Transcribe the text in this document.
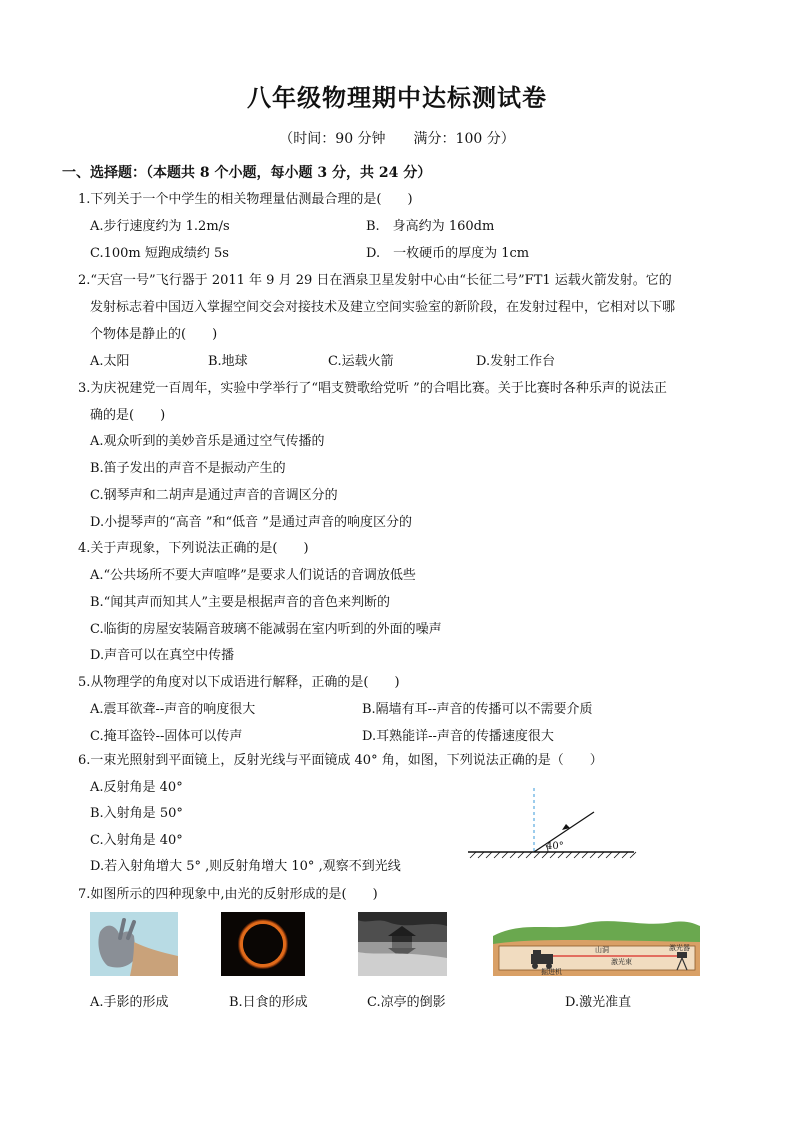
八年级物理期中达标测试卷
（时间：90 分钟 满分：100 分）
一、选择题：（本题共 8 个小题，每小题 3 分，共 24 分）
1.下列关于一个中学生的相关物理量估测最合理的是(　　)
A.步行速度约为 1.2m/s	B.　身高约为 160dm
C.100m 短跑成绩约 5s	D.　一枚硬币的厚度为 1cm
2.“天宫一号”飞行器于 2011 年 9 月 29 日在酒泉卫星发射中心由“长征二号”FT1 运载火箭发射。它的
发射标志着中国迈入掌握空间交会对接技术及建立空间实验室的新阶段，在发射过程中，它相对以下哪
个物体是静止的(　　)
A.太阳	B.地球	C.运载火箭	D.发射工作台
3.为庆祝建党一百周年，实验中学举行了“唱支赞歌给党听 ”的合唱比赛。关于比赛时各种乐声的说法正
确的是(　　)
A.观众听到的美妙音乐是通过空气传播的
B.笛子发出的声音不是振动产生的
C.钢琴声和二胡声是通过声音的音调区分的
D.小提琴声的“高音 ”和“低音 ”是通过声音的响度区分的
4.关于声现象，下列说法正确的是(　　)
A.“公共场所不要大声喧哗”是要求人们说话的音调放低些
B.“闻其声而知其人”主要是根据声音的音色来判断的
C.临街的房屋安装隔音玻璃不能减弱在室内听到的外面的噪声
D.声音可以在真空中传播
5.从物理学的角度对以下成语进行解释，正确的是(　　)
A.震耳欲聋--声音的响度很大	B.隔墙有耳--声音的传播可以不需要介质
C.掩耳盗铃--固体可以传声	D.耳熟能详--声音的传播速度很大
6.一束光照射到平面镜上，反射光线与平面镜成 40° 角，如图，下列说法正确的是（　　）
A.反射角是 40°
B.入射角是 50°
C.入射角是 40°
D.若入射角增大 5° ,则反射角增大 10° ,观察不到光线
40°
7.如图所示的四种现象中,由光的反射形成的是(　　)
山洞	激光器
激光束
掘进机
A.手影的形成	B.日食的形成	C.凉亭的倒影	D.激光准直
